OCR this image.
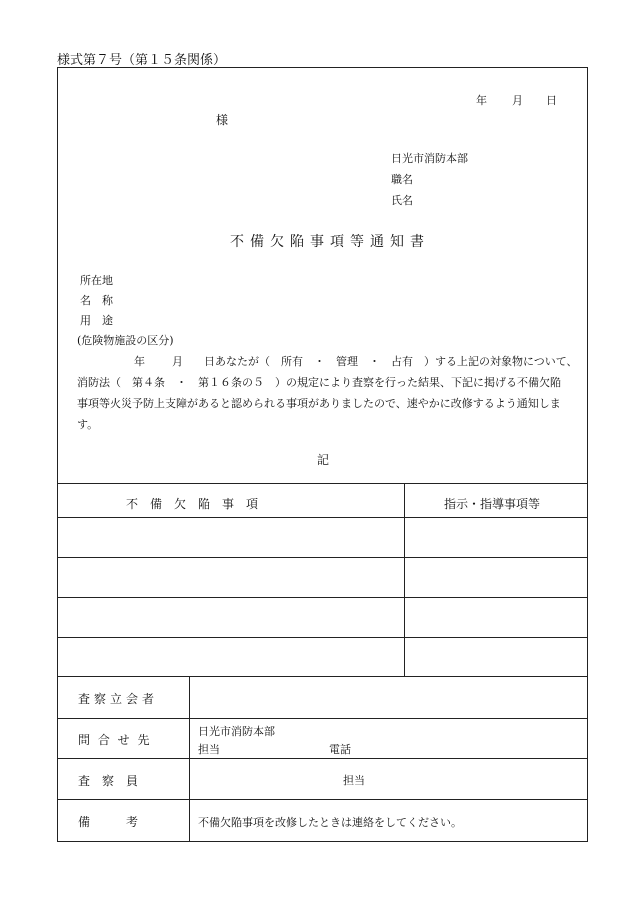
様式第７号（第１５条関係）
年 月 日
様
日光市消防本部
職名
氏名
不備欠陥事項等通知書
所在地
名　称
用　途
(危険物施設の区分)
年 月 日あなたが（　所有　・　管理　・　占有　）する上記の対象物について、
消防法（　第４条　・　第１６条の５　）の規定により査察を行った結果、下記に掲げる不備欠陥
事項等火災予防上支障があると認められる事項がありましたので、速やかに改修するよう通知しま
す。
記
不　備　欠　陥　事　項	指示・指導事項等
査察立会者
問 合 せ 先
日光市消防本部
担当	電話
査　察　員	担当
備　　　考	不備欠陥事項を改修したときは連絡をしてください。
